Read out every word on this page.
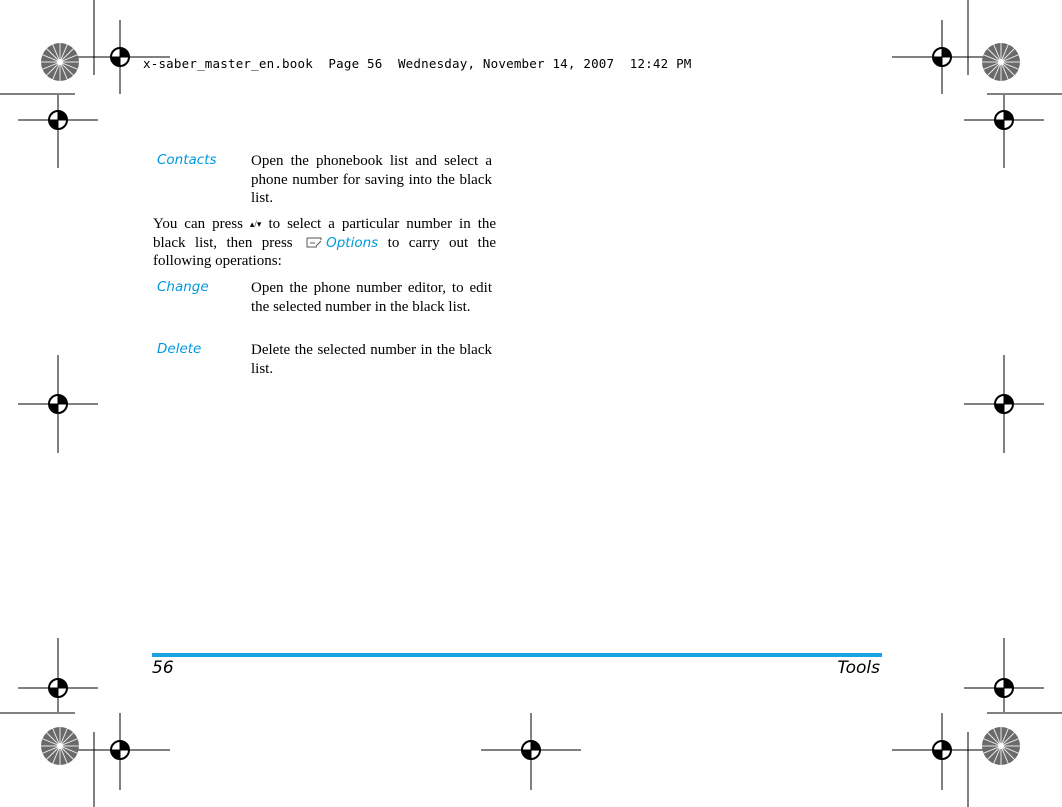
x-saber_master_en.book  Page 56  Wednesday, November 14, 2007  12:42 PM
Contacts Open the phonebook list and select a phone number for saving into the black list.
You can press ▴/▾ to select a particular number in the black list, then press Options to carry out the following operations:
Change	Open the phone number editor, to edit the selected number in the black list.
Delete	Delete the selected number in the black list.
56	Tools
